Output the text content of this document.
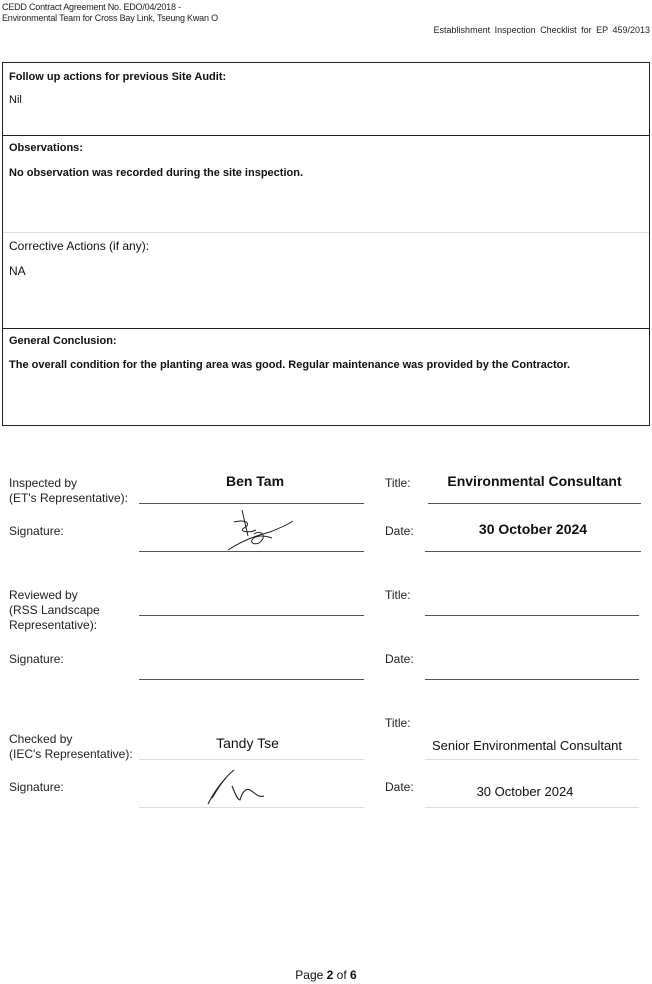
CEDD Contract Agreement No. EDO/04/2018 -
Environmental Team for Cross Bay Link, Tseung Kwan O
Establishment Inspection Checklist for EP 459/2013
Follow up actions for previous Site Audit:
Nil
Observations:
No observation was recorded during the site inspection.
Corrective Actions (if any):
NA
General Conclusion:
The overall condition for the planting area was good. Regular maintenance was provided by the Contractor.
Inspected by
(ET's Representative):
Ben Tam	Title:	Environmental Consultant
Signature:	Date:	30 October 2024
Reviewed by
(RSS Landscape
Representative):
Title:
Signature:	Date:
Title:
Checked by
(IEC's Representative):
Tandy Tse	Senior Environmental Consultant
Signature:	Date:	30 October 2024
Page 2 of 6
